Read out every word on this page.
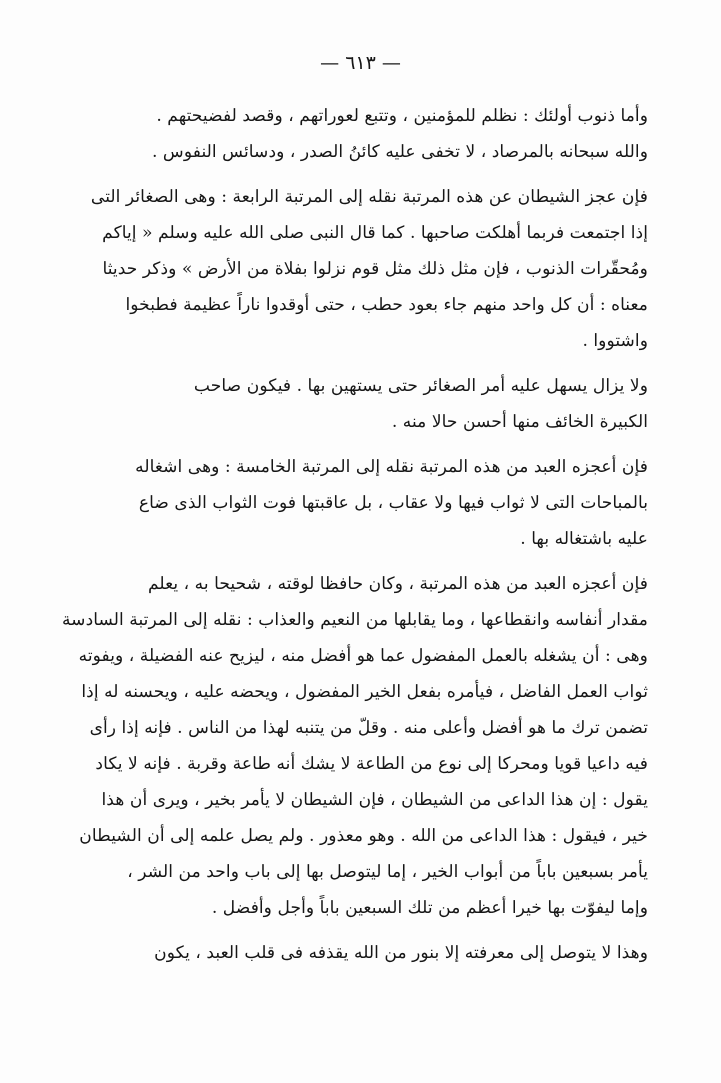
— ٦١٣ —
وأما ذنوب أولئك : نظلم للمؤمنين ، وتتبع لعوراتهم ، وقصد لفضيحتهم .
والله سبحانه بالمرصاد ، لا تخفى عليه كائنُ الصدر ، ودسائس النفوس .
فإن عجز الشيطان عن هذه المرتبة نقله إلى المرتبة الرابعة : وهى الصغائر التى
إذا اجتمعت فربما أهلكت صاحبها . كما قال النبى صلى الله عليه وسلم « إياكم
ومُحقّرات الذنوب ، فإن مثل ذلك مثل قوم نزلوا بفلاة من الأرض » وذكر حديثا
معناه : أن كل واحد منهم جاء بعود حطب ، حتى أوقدوا ناراً عظيمة فطبخوا
واشتووا .
ولا يزال يسهل عليه أمر الصغائر حتى يستهين بها . فيكون صاحب
الكبيرة الخائف منها أحسن حالا منه .
فإن أعجزه العبد من هذه المرتبة نقله إلى المرتبة الخامسة : وهى اشغاله
بالمباحات التى لا ثواب فيها ولا عقاب ، بل عاقبتها فوت الثواب الذى ضاع
عليه باشتغاله بها .
فإن أعجزه العبد من هذه المرتبة ، وكان حافظا لوقته ، شحيحا به ، يعلم
مقدار أنفاسه وانقطاعها ، وما يقابلها من النعيم والعذاب : نقله إلى المرتبة السادسة
وهى : أن يشغله بالعمل المفضول عما هو أفضل منه ، ليزيح عنه الفضيلة ، ويفوته
ثواب العمل الفاضل ، فيأمره بفعل الخير المفضول ، ويحضه عليه ، ويحسنه له إذا
تضمن ترك ما هو أفضل وأعلى منه . وقلّ من يتنبه لهذا من الناس . فإنه إذا رأى
فيه داعيا قويا ومحركا إلى نوع من الطاعة لا يشك أنه طاعة وقربة . فإنه لا يكاد
يقول : إن هذا الداعى من الشيطان ، فإن الشيطان لا يأمر بخير ، ويرى أن هذا
خير ، فيقول : هذا الداعى من الله . وهو معذور . ولم يصل علمه إلى أن الشيطان
يأمر بسبعين باباً من أبواب الخير ، إما ليتوصل بها إلى باب واحد من الشر ،
وإما ليفوّت بها خيرا أعظم من تلك السبعين باباً وأجل وأفضل .
وهذا لا يتوصل إلى معرفته إلا بنور من الله يقذفه فى قلب العبد ، يكون
